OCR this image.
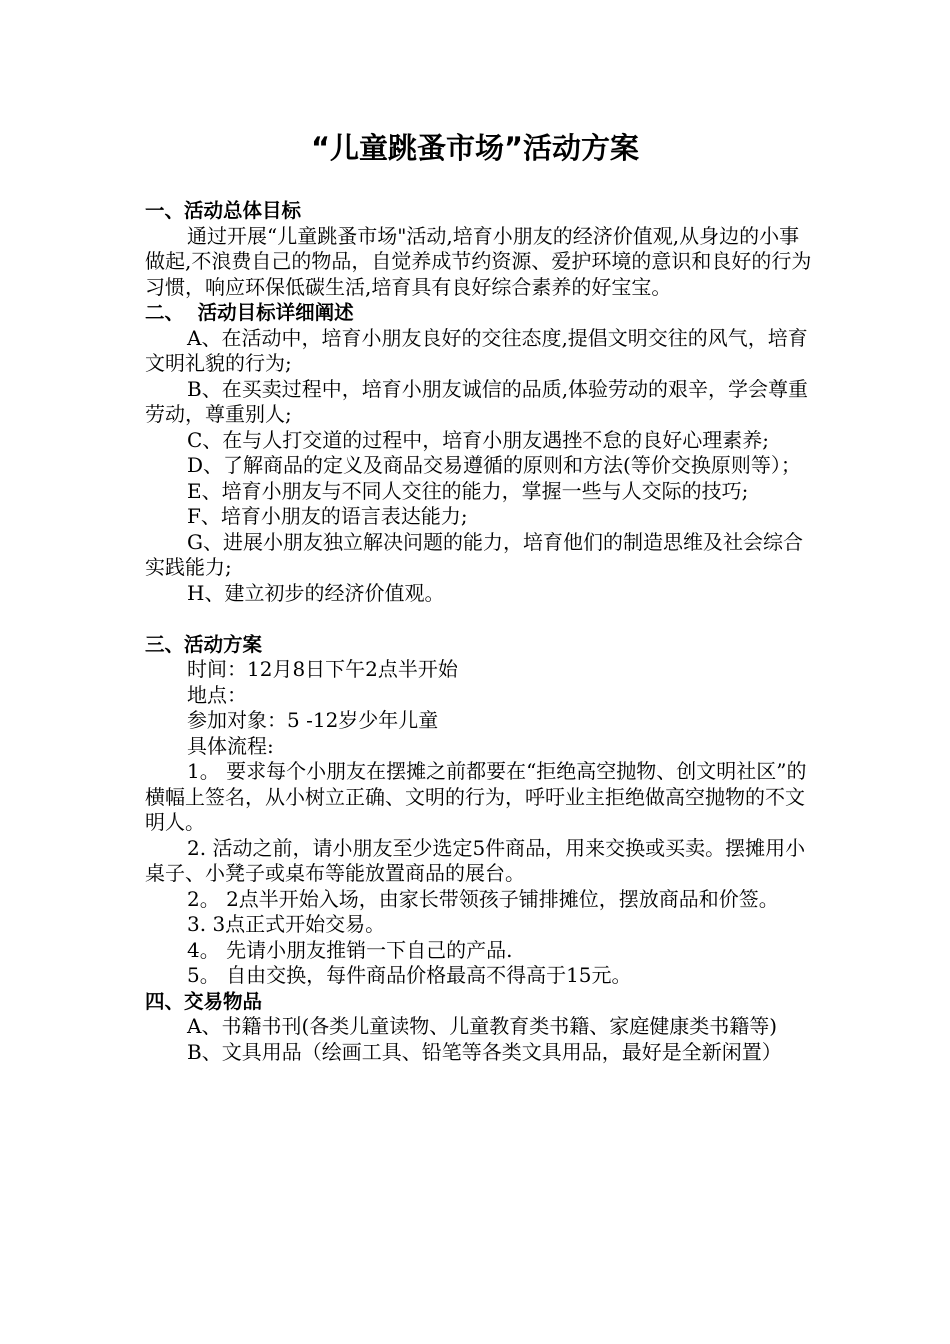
“儿童跳蚤市场”活动方案
一、活动总体目标

通过开展“儿童跳蚤市场"活动,培育小朋友的经济价值观,从身边的小事做起,不浪费自己的物品，自觉养成节约资源、爱护环境的意识和良好的行为习惯，响应环保低碳生活,培育具有良好综合素养的好宝宝。

二、  活动目标详细阐述

A、在活动中，培育小朋友良好的交往态度,提倡文明交往的风气，培育文明礼貌的行为;

B、在买卖过程中，培育小朋友诚信的品质,体验劳动的艰辛，学会尊重劳动，尊重别人;

C、在与人打交道的过程中，培育小朋友遇挫不怠的良好心理素养;

D、了解商品的定义及商品交易遵循的原则和方法(等价交换原则等）；

E、培育小朋友与不同人交往的能力，掌握一些与人交际的技巧;

F、培育小朋友的语言表达能力;

G、进展小朋友独立解决问题的能力，培育他们的制造思维及社会综合实践能力;

H、建立初步的经济价值观。

三、活动方案

时间：12月8日下午2点半开始

地点：

参加对象：5 -12岁少年儿童

具体流程:

1。 要求每个小朋友在摆摊之前都要在“拒绝高空抛物、创文明社区”的横幅上签名，从小树立正确、文明的行为，呼吁业主拒绝做高空抛物的不文明人。

2. 活动之前，请小朋友至少选定5件商品，用来交换或买卖。摆摊用小桌子、小凳子或桌布等能放置商品的展台。

2。 2点半开始入场，由家长带领孩子铺排摊位，摆放商品和价签。

3. 3点正式开始交易。

4。 先请小朋友推销一下自己的产品.

5。 自由交换，每件商品价格最高不得高于15元。

四、交易物品

A、书籍书刊(各类儿童读物、儿童教育类书籍、家庭健康类书籍等)

B、文具用品（绘画工具、铅笔等各类文具用品，最好是全新闲置）
